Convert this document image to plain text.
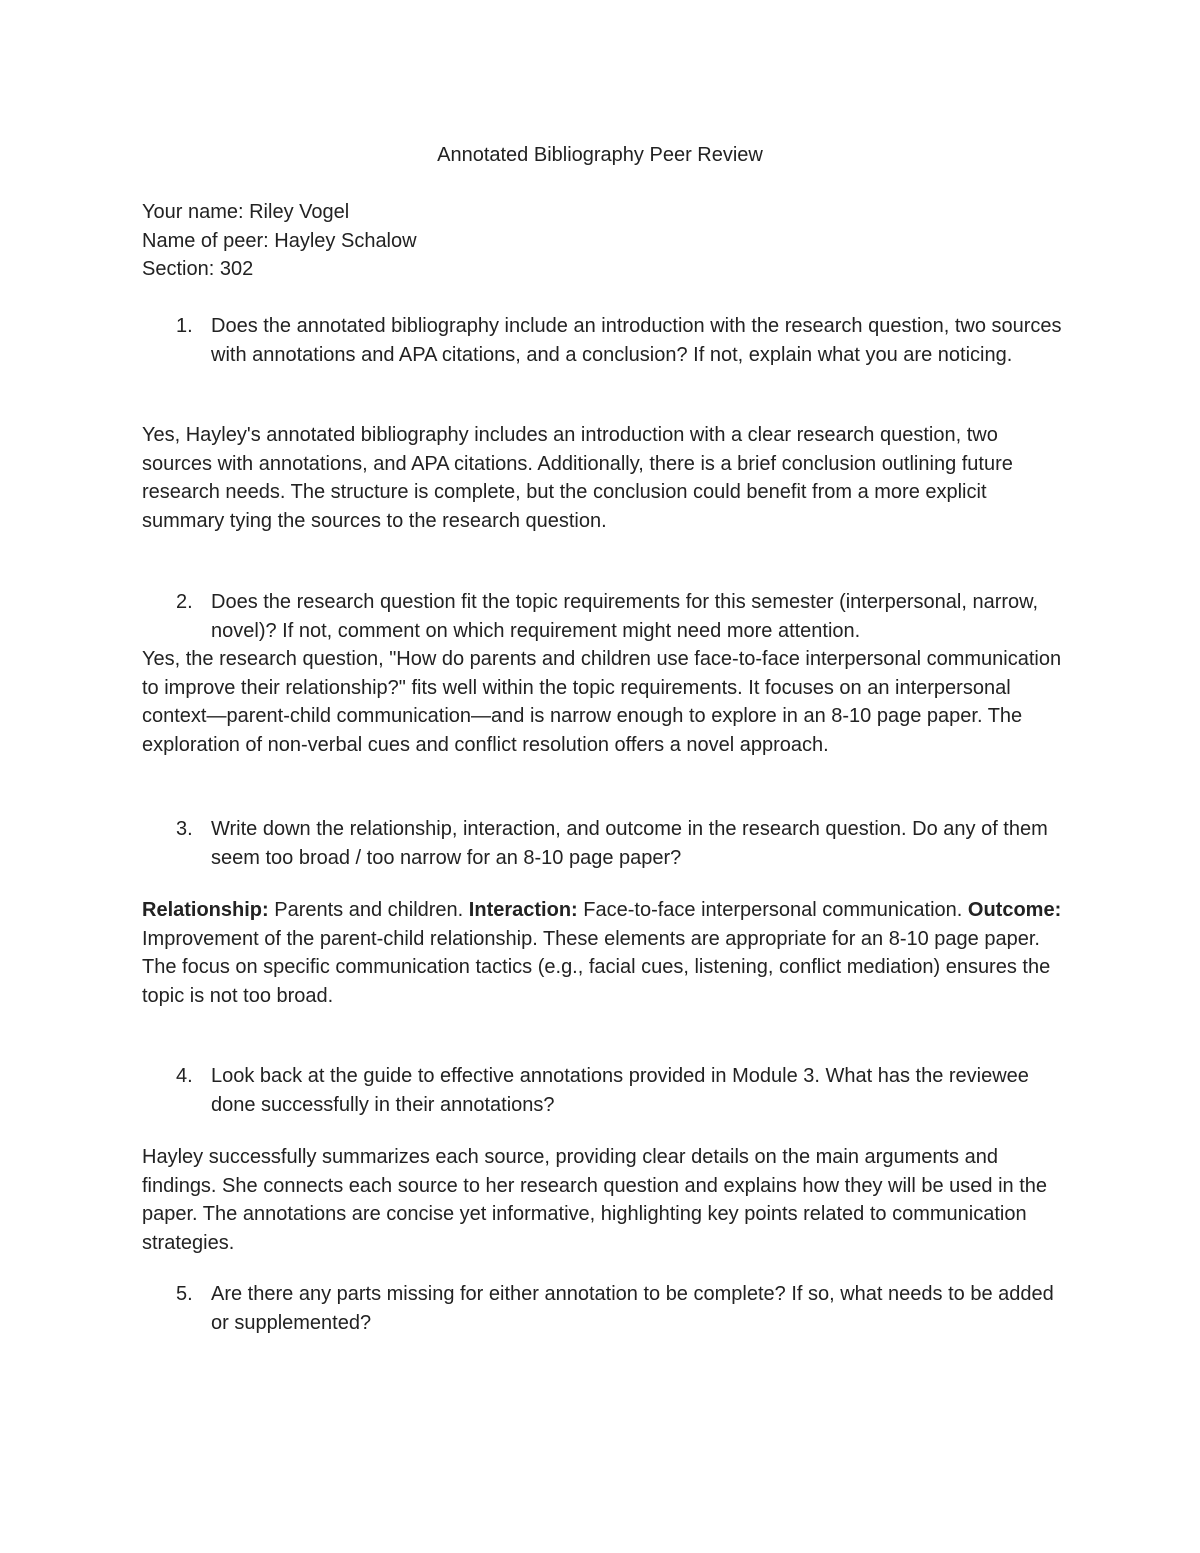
Annotated Bibliography Peer Review
Your name: Riley Vogel
Name of peer: Hayley Schalow
Section: 302
1. Does the annotated bibliography include an introduction with the research question, two sources with annotations and APA citations, and a conclusion? If not, explain what you are noticing.
Yes, Hayley's annotated bibliography includes an introduction with a clear research question, two sources with annotations, and APA citations. Additionally, there is a brief conclusion outlining future research needs. The structure is complete, but the conclusion could benefit from a more explicit summary tying the sources to the research question.
2. Does the research question fit the topic requirements for this semester (interpersonal, narrow, novel)? If not, comment on which requirement might need more attention.
Yes, the research question, "How do parents and children use face-to-face interpersonal communication to improve their relationship?" fits well within the topic requirements. It focuses on an interpersonal context—parent-child communication—and is narrow enough to explore in an 8-10 page paper. The exploration of non-verbal cues and conflict resolution offers a novel approach.
3. Write down the relationship, interaction, and outcome in the research question. Do any of them seem too broad / too narrow for an 8-10 page paper?
Relationship: Parents and children. Interaction: Face-to-face interpersonal communication. Outcome: Improvement of the parent-child relationship. These elements are appropriate for an 8-10 page paper. The focus on specific communication tactics (e.g., facial cues, listening, conflict mediation) ensures the topic is not too broad.
4. Look back at the guide to effective annotations provided in Module 3. What has the reviewee done successfully in their annotations?
Hayley successfully summarizes each source, providing clear details on the main arguments and findings. She connects each source to her research question and explains how they will be used in the paper. The annotations are concise yet informative, highlighting key points related to communication strategies.
5. Are there any parts missing for either annotation to be complete? If so, what needs to be added or supplemented?
